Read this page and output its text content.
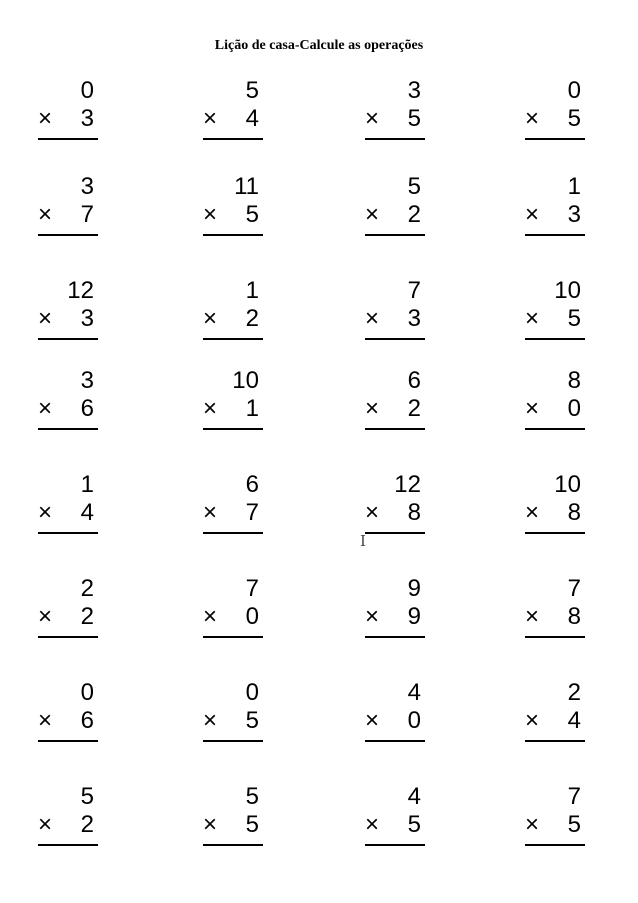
Lição de casa-Calcule as operações
0
× 3
5
× 4
3
× 5
0
× 5
3
× 7
11
× 5
5
× 2
1
× 3
12
× 3
1
× 2
7
× 3
10
× 5
3
× 6
10
× 1
6
× 2
8
× 0
1
× 4
6
× 7
12
× 8
10
× 8
2
× 2
7
× 0
9
× 9
7
× 8
0
× 6
0
× 5
4
× 0
2
× 4
5
× 2
5
× 5
4
× 5
7
× 5
I
